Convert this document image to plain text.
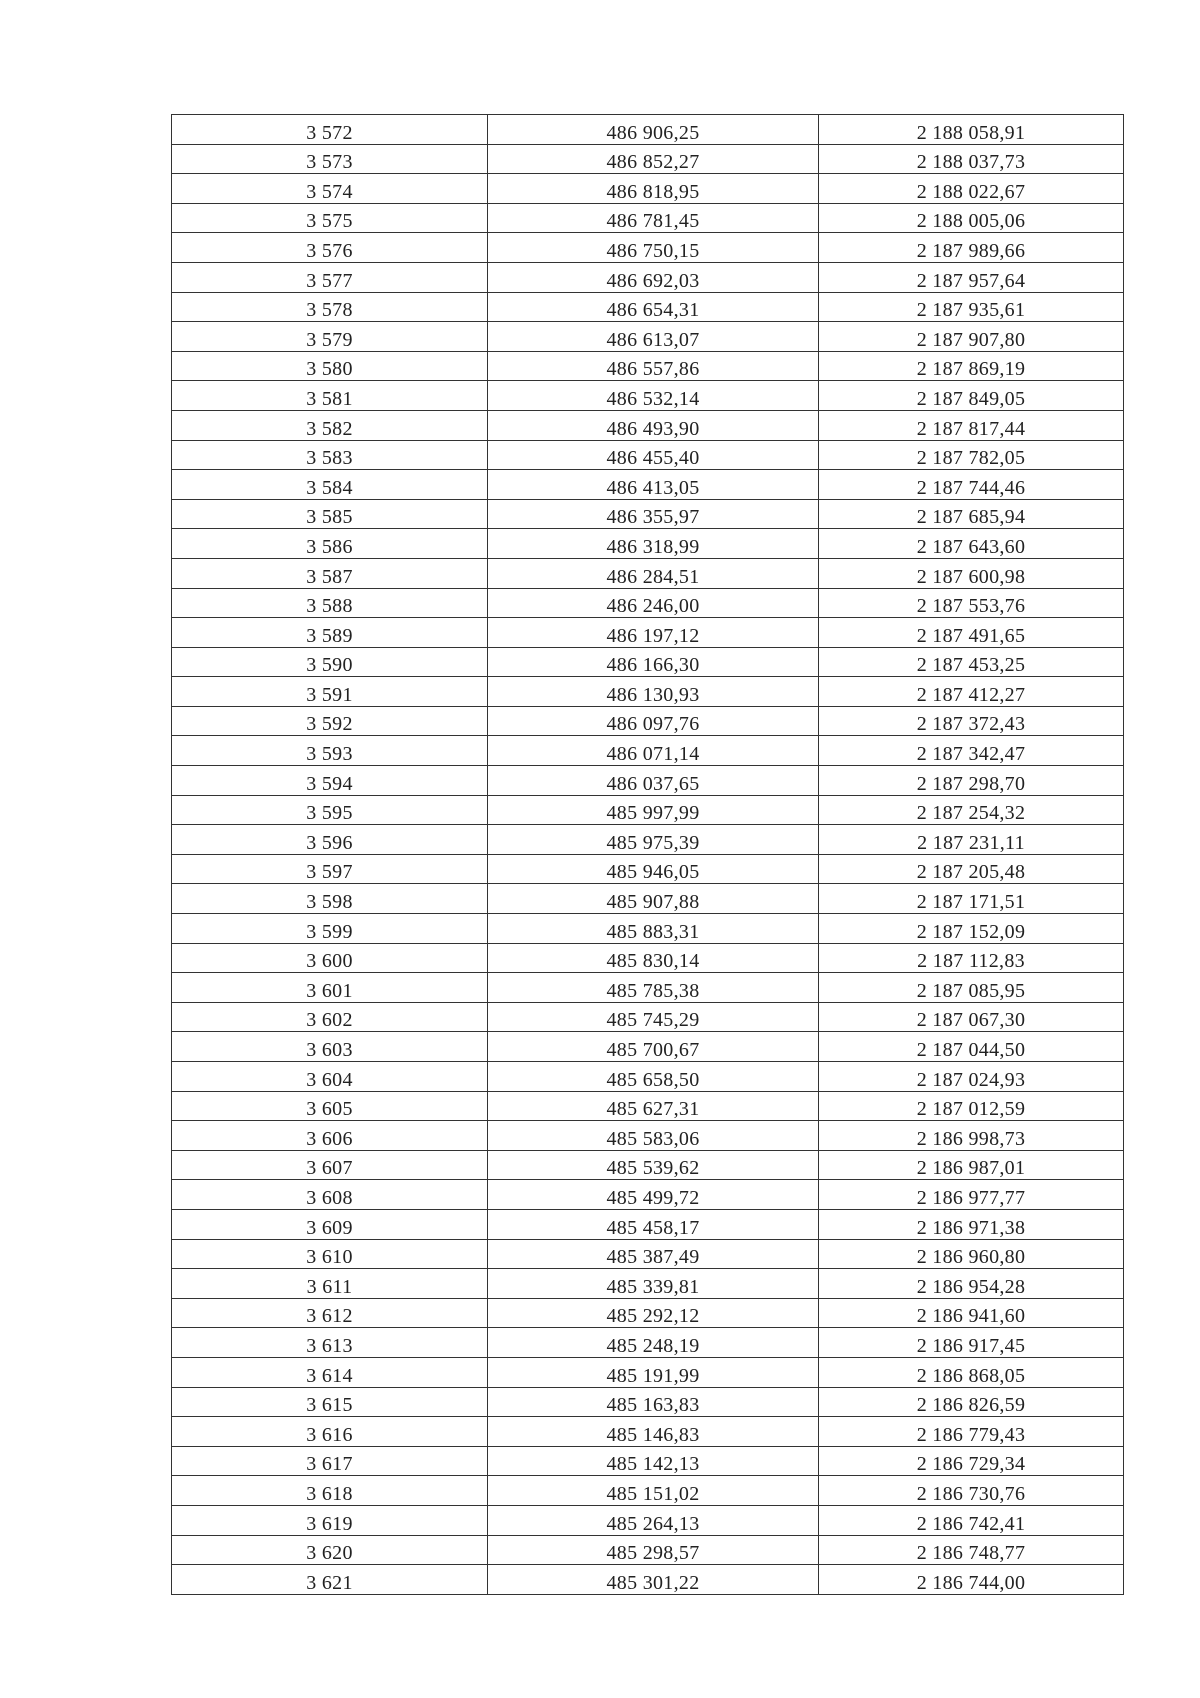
3 572	486 906,25	2 188 058,91
3 573	486 852,27	2 188 037,73
3 574	486 818,95	2 188 022,67
3 575	486 781,45	2 188 005,06
3 576	486 750,15	2 187 989,66
3 577	486 692,03	2 187 957,64
3 578	486 654,31	2 187 935,61
3 579	486 613,07	2 187 907,80
3 580	486 557,86	2 187 869,19
3 581	486 532,14	2 187 849,05
3 582	486 493,90	2 187 817,44
3 583	486 455,40	2 187 782,05
3 584	486 413,05	2 187 744,46
3 585	486 355,97	2 187 685,94
3 586	486 318,99	2 187 643,60
3 587	486 284,51	2 187 600,98
3 588	486 246,00	2 187 553,76
3 589	486 197,12	2 187 491,65
3 590	486 166,30	2 187 453,25
3 591	486 130,93	2 187 412,27
3 592	486 097,76	2 187 372,43
3 593	486 071,14	2 187 342,47
3 594	486 037,65	2 187 298,70
3 595	485 997,99	2 187 254,32
3 596	485 975,39	2 187 231,11
3 597	485 946,05	2 187 205,48
3 598	485 907,88	2 187 171,51
3 599	485 883,31	2 187 152,09
3 600	485 830,14	2 187 112,83
3 601	485 785,38	2 187 085,95
3 602	485 745,29	2 187 067,30
3 603	485 700,67	2 187 044,50
3 604	485 658,50	2 187 024,93
3 605	485 627,31	2 187 012,59
3 606	485 583,06	2 186 998,73
3 607	485 539,62	2 186 987,01
3 608	485 499,72	2 186 977,77
3 609	485 458,17	2 186 971,38
3 610	485 387,49	2 186 960,80
3 611	485 339,81	2 186 954,28
3 612	485 292,12	2 186 941,60
3 613	485 248,19	2 186 917,45
3 614	485 191,99	2 186 868,05
3 615	485 163,83	2 186 826,59
3 616	485 146,83	2 186 779,43
3 617	485 142,13	2 186 729,34
3 618	485 151,02	2 186 730,76
3 619	485 264,13	2 186 742,41
3 620	485 298,57	2 186 748,77
3 621	485 301,22	2 186 744,00
